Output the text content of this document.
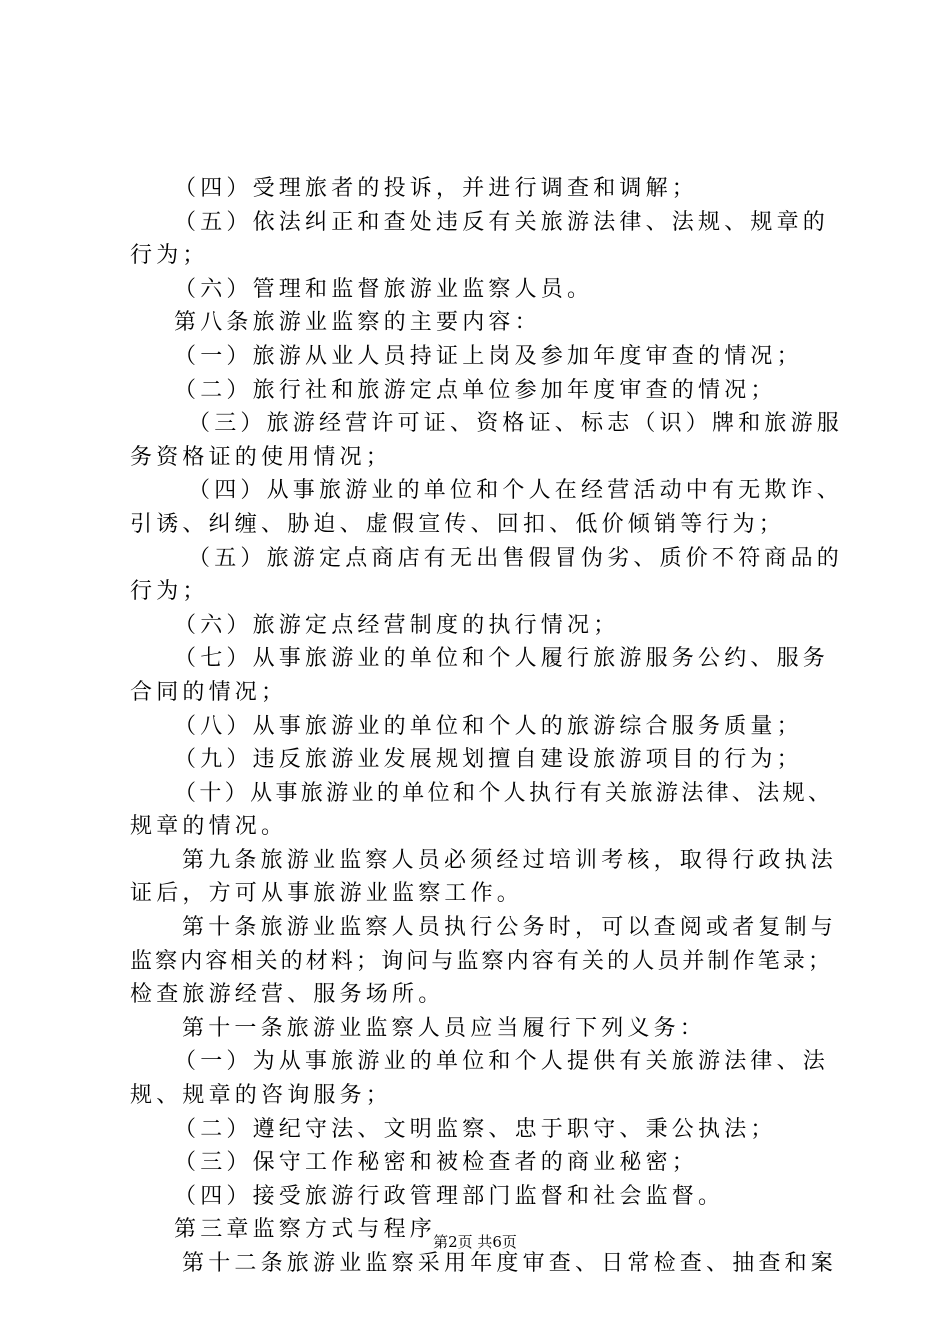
（四）受理旅者的投诉，并进行调查和调解；
（五）依法纠正和查处违反有关旅游法律、法规、规章的
行为；
（六）管理和监督旅游业监察人员。
第八条旅游业监察的主要内容：
（一）旅游从业人员持证上岗及参加年度审查的情况；
（二）旅行社和旅游定点单位参加年度审查的情况；
（三）旅游经营许可证、资格证、标志（识）牌和旅游服
务资格证的使用情况；
（四）从事旅游业的单位和个人在经营活动中有无欺诈、
引诱、纠缠、胁迫、虚假宣传、回扣、低价倾销等行为；
（五）旅游定点商店有无出售假冒伪劣、质价不符商品的
行为；
（六）旅游定点经营制度的执行情况；
（七）从事旅游业的单位和个人履行旅游服务公约、服务
合同的情况；
（八）从事旅游业的单位和个人的旅游综合服务质量；
（九）违反旅游业发展规划擅自建设旅游项目的行为；
（十）从事旅游业的单位和个人执行有关旅游法律、法规、
规章的情况。
第九条旅游业监察人员必须经过培训考核，取得行政执法
证后，方可从事旅游业监察工作。
第十条旅游业监察人员执行公务时，可以查阅或者复制与
监察内容相关的材料；询问与监察内容有关的人员并制作笔录；
检查旅游经营、服务场所。
第十一条旅游业监察人员应当履行下列义务：
（一）为从事旅游业的单位和个人提供有关旅游法律、法
规、规章的咨询服务；
（二）遵纪守法、文明监察、忠于职守、秉公执法；
（三）保守工作秘密和被检查者的商业秘密；
（四）接受旅游行政管理部门监督和社会监督。
第三章监察方式与程序
第十二条旅游业监察采用年度审查、日常检查、抽查和案
第2页 共6页
